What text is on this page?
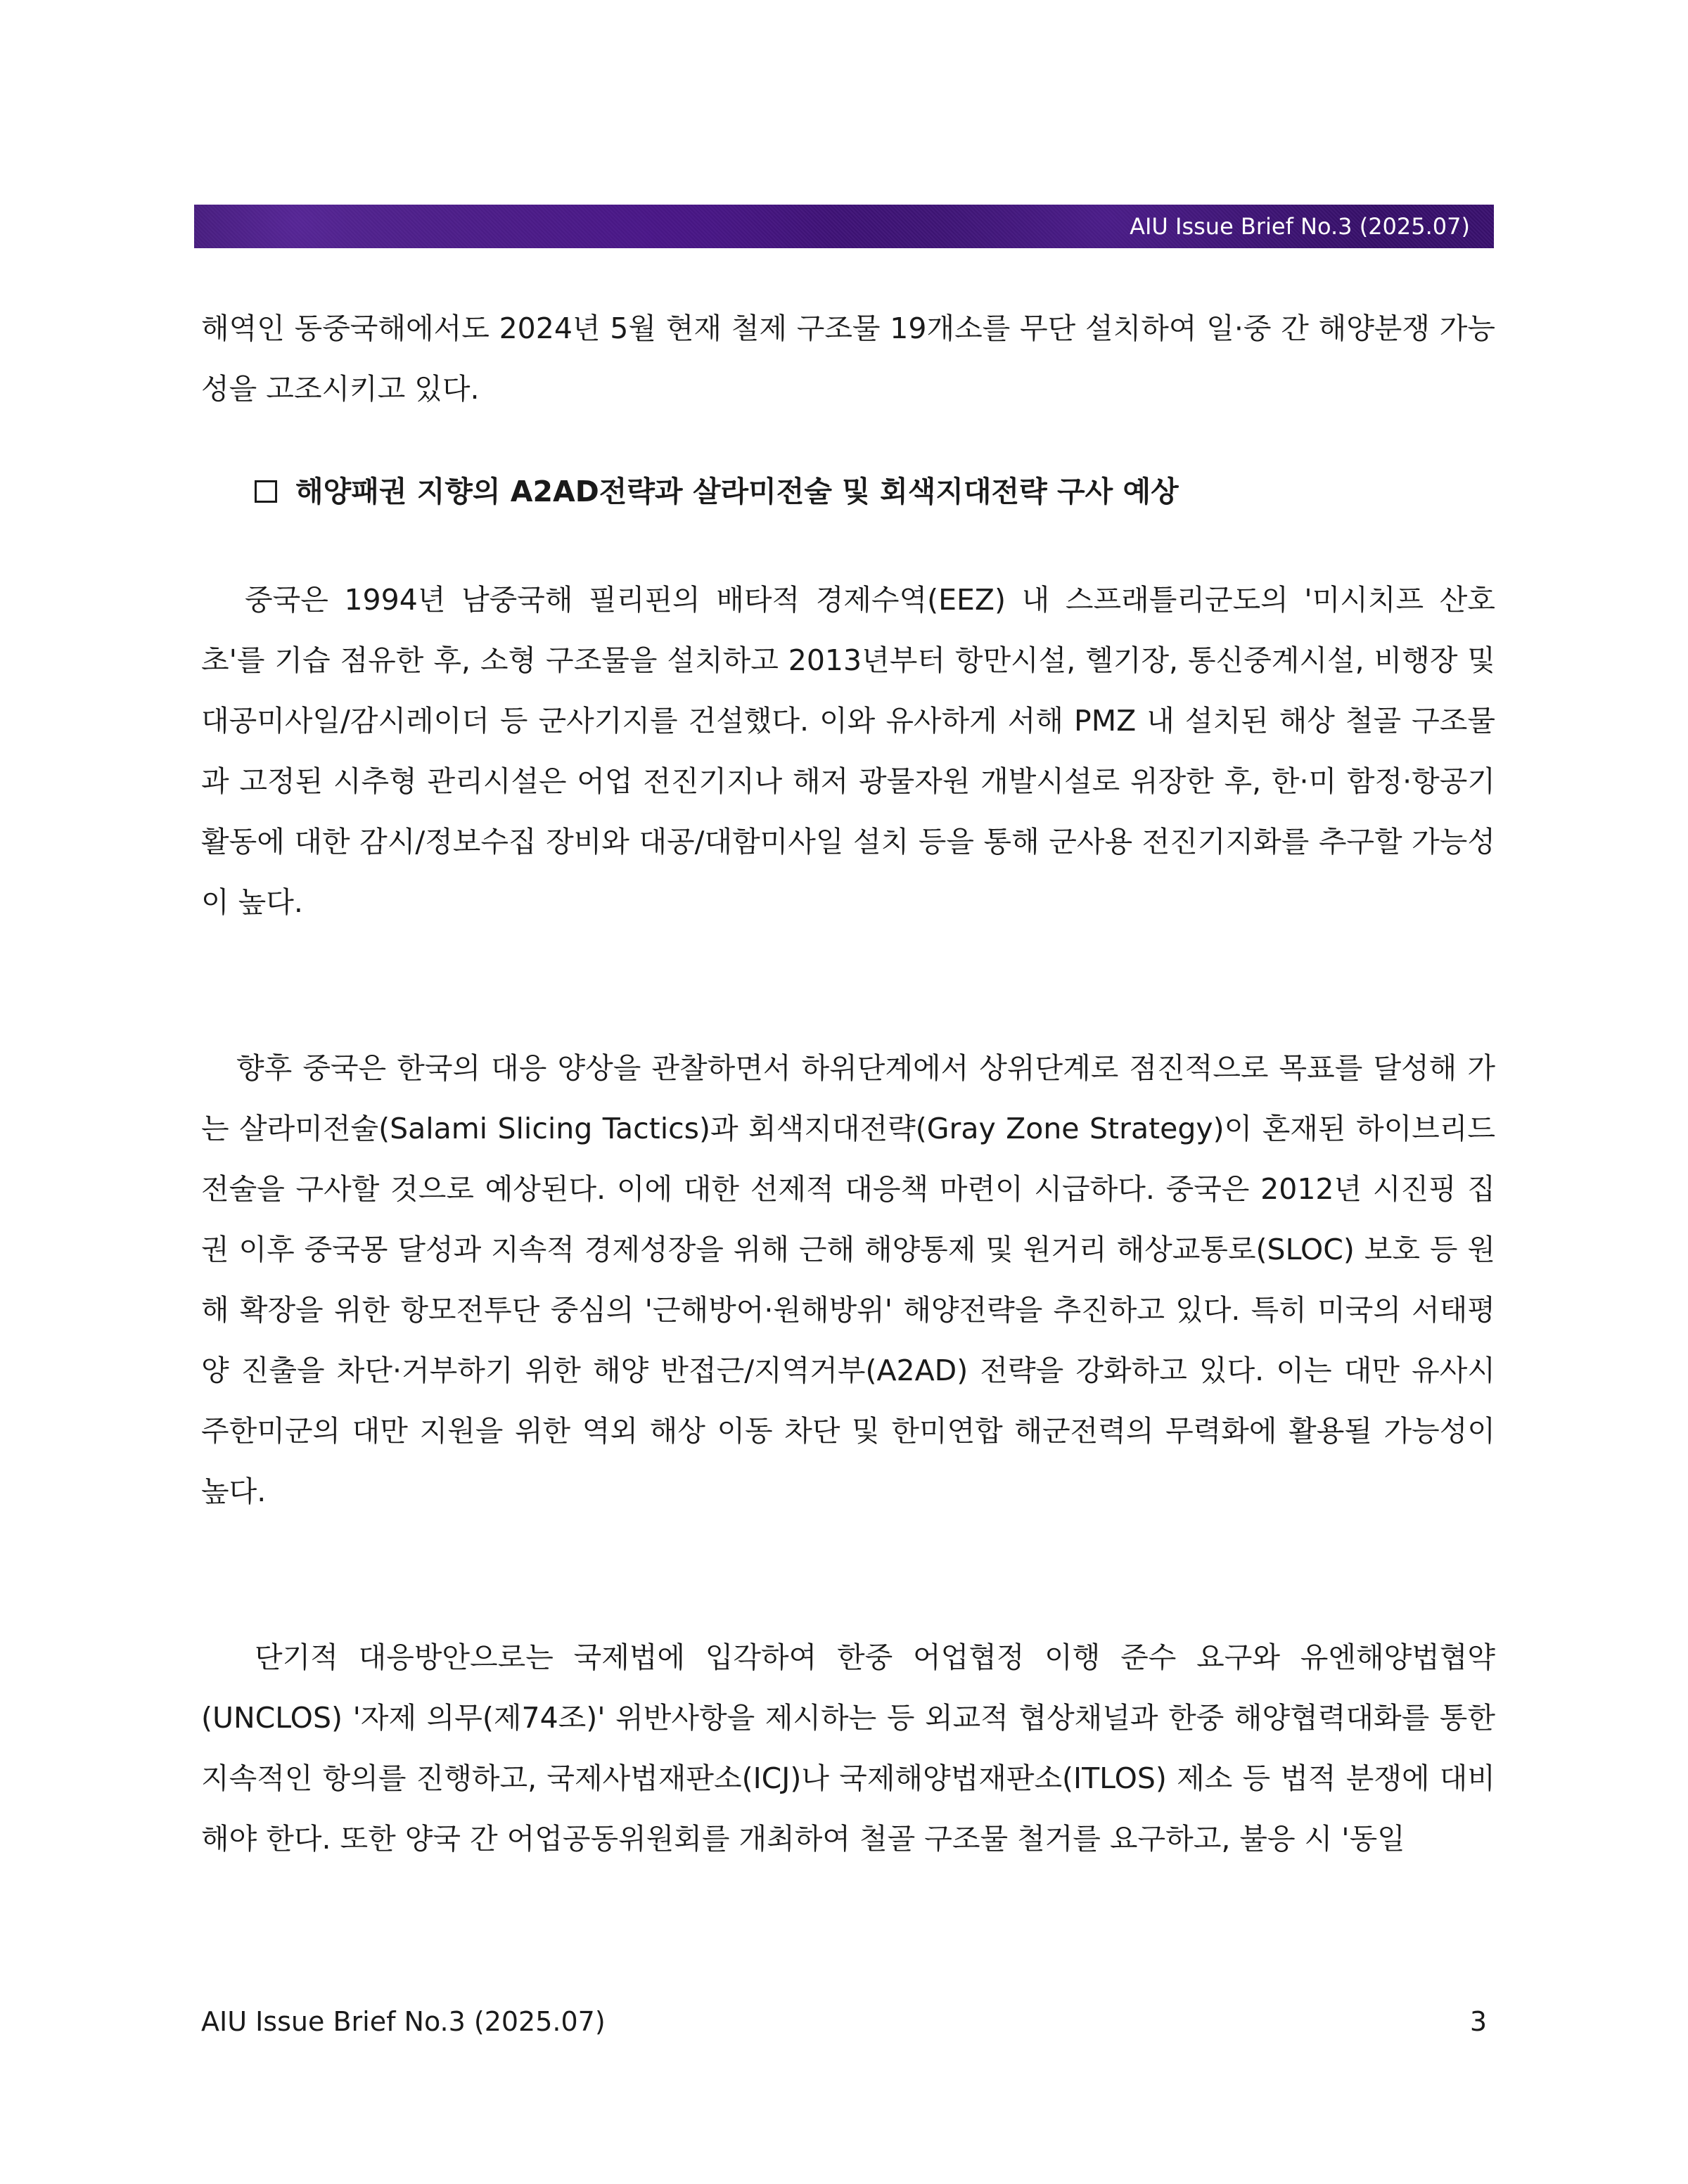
AIU Issue Brief No.3 (2025.07)

해역인 동중국해에서도 2024년 5월 현재 철제 구조물 19개소를 무단 설치하여 일·중 간 해양분쟁 가능성을 고조시키고 있다.

해양패권 지향의 A2AD전략과 살라미전술 및 회색지대전략 구사 예상

중국은 1994년 남중국해 필리핀의 배타적 경제수역(EEZ) 내 스프래틀리군도의 '미시치프 산호초'를 기습 점유한 후, 소형 구조물을 설치하고 2013년부터 항만시설, 헬기장, 통신중계시설, 비행장 및 대공미사일/감시레이더 등 군사기지를 건설했다. 이와 유사하게 서해 PMZ 내 설치된 해상 철골 구조물과 고정된 시추형 관리시설은 어업 전진기지나 해저 광물자원 개발시설로 위장한 후, 한·미 함정·항공기 활동에 대한 감시/정보수집 장비와 대공/대함미사일 설치 등을 통해 군사용 전진기지화를 추구할 가능성이 높다.

향후 중국은 한국의 대응 양상을 관찰하면서 하위단계에서 상위단계로 점진적으로 목표를 달성해 가는 살라미전술(Salami Slicing Tactics)과 회색지대전략(Gray Zone Strategy)이 혼재된 하이브리드전술을 구사할 것으로 예상된다. 이에 대한 선제적 대응책 마련이 시급하다. 중국은 2012년 시진핑 집권 이후 중국몽 달성과 지속적 경제성장을 위해 근해 해양통제 및 원거리 해상교통로(SLOC) 보호 등 원해 확장을 위한 항모전투단 중심의 '근해방어·원해방위' 해양전략을 추진하고 있다. 특히 미국의 서태평양 진출을 차단·거부하기 위한 해양 반접근/지역거부(A2AD) 전략을 강화하고 있다. 이는 대만 유사시 주한미군의 대만 지원을 위한 역외 해상 이동 차단 및 한미연합 해군전력의 무력화에 활용될 가능성이 높다.

단기적 대응방안으로는 국제법에 입각하여 한중 어업협정 이행 준수 요구와 유엔해양법협약(UNCLOS) '자제 의무(제74조)' 위반사항을 제시하는 등 외교적 협상채널과 한중 해양협력대화를 통한 지속적인 항의를 진행하고, 국제사법재판소(ICJ)나 국제해양법재판소(ITLOS) 제소 등 법적 분쟁에 대비해야 한다. 또한 양국 간 어업공동위원회를 개최하여 철골 구조물 철거를 요구하고, 불응 시 '동일

AIU Issue Brief No.3 (2025.07)	3
